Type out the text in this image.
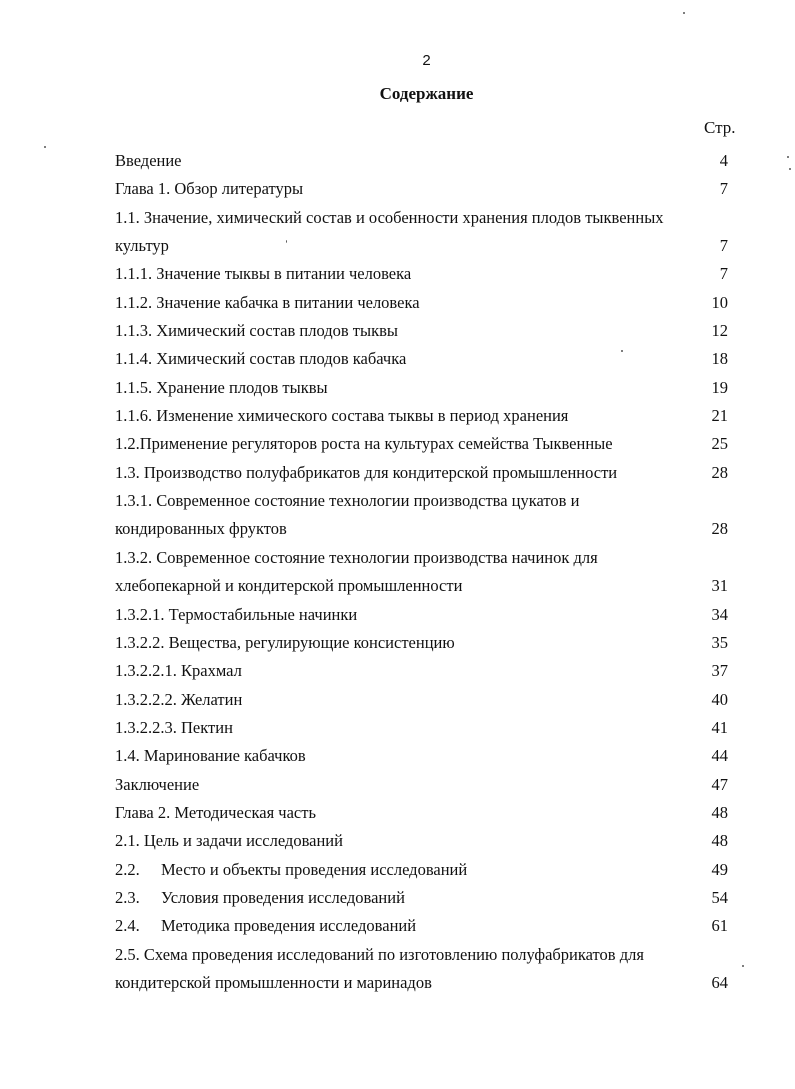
2
Содержание
Стр.
Введение	4
Глава 1. Обзор литературы	7
1.1. Значение, химический состав и особенности хранения плодов тыквенных культур	7
1.1.1. Значение тыквы в питании человека	7
1.1.2. Значение кабачка в питании человека	10
1.1.3. Химический состав плодов тыквы	12
1.1.4. Химический состав плодов кабачка	18
1.1.5. Хранение плодов тыквы	19
1.1.6. Изменение химического состава тыквы в период хранения	21
1.2.Применение регуляторов роста на культурах семейства Тыквенные	25
1.3. Производство полуфабрикатов для кондитерской промышленности	28
1.3.1. Современное состояние технологии производства цукатов и кондированных фруктов	28
1.3.2. Современное состояние технологии производства начинок для хлебопекарной и кондитерской промышленности	31
1.3.2.1. Термостабильные начинки	34
1.3.2.2. Вещества, регулирующие консистенцию	35
1.3.2.2.1. Крахмал	37
1.3.2.2.2. Желатин	40
1.3.2.2.3. Пектин	41
1.4. Маринование кабачков	44
Заключение	47
Глава 2. Методическая часть	48
2.1. Цель и задачи исследований	48
2.2. Место и объекты проведения исследований	49
2.3. Условия проведения исследований	54
2.4. Методика проведения исследований	61
2.5. Схема проведения исследований по изготовлению полуфабрикатов для кондитерской промышленности и маринадов	64
